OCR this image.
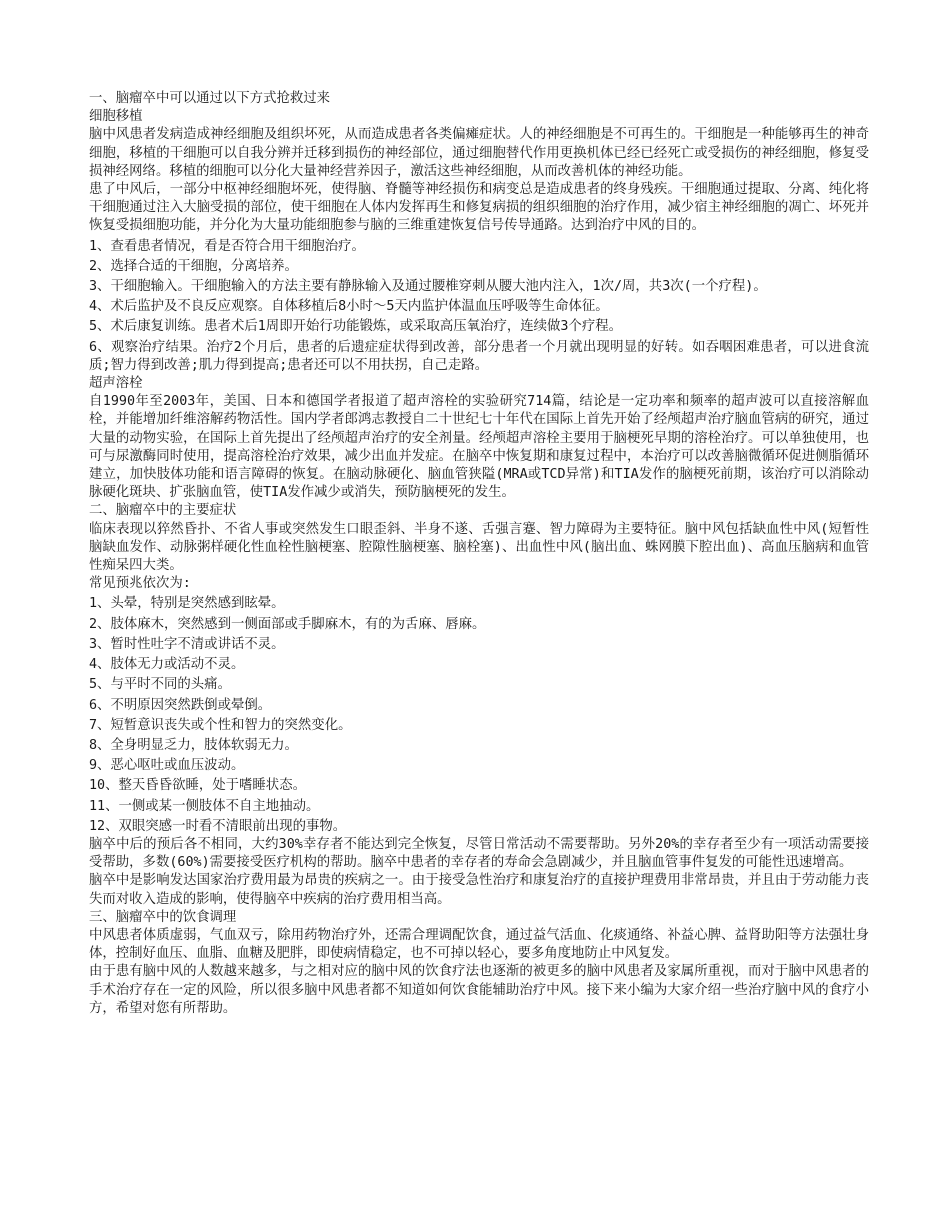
一、脑瘤卒中可以通过以下方式抢救过来

细胞移植

脑中风患者发病造成神经细胞及组织坏死，从而造成患者各类偏瘫症状。人的神经细胞是不可再生的。干细胞是一种能够再生的神奇细胞，移植的干细胞可以自我分辨并迁移到损伤的神经部位，通过细胞替代作用更换机体已经已经死亡或受损伤的神经细胞，修复受损神经网络。移植的细胞可以分化大量神经营养因子，激活这些神经细胞，从而改善机体的神经功能。

患了中风后，一部分中枢神经细胞坏死，使得脑、脊髓等神经损伤和病变总是造成患者的终身残疾。干细胞通过提取、分离、纯化将干细胞通过注入大脑受损的部位，使干细胞在人体内发挥再生和修复病损的组织细胞的治疗作用，减少宿主神经细胞的凋亡、坏死并恢复受损细胞功能，并分化为大量功能细胞参与脑的三维重建恢复信号传导通路。达到治疗中风的目的。

1、查看患者情况，看是否符合用干细胞治疗。

2、选择合适的干细胞，分离培养。

3、干细胞输入。干细胞输入的方法主要有静脉输入及通过腰椎穿刺从腰大池内注入，1次/周，共3次(一个疗程)。

4、术后监护及不良反应观察。自体移植后8小时～5天内监护体温血压呼吸等生命体征。

5、术后康复训练。患者术后1周即开始行功能锻炼，或采取高压氧治疗，连续做3个疗程。

6、观察治疗结果。治疗2个月后，患者的后遗症症状得到改善，部分患者一个月就出现明显的好转。如吞咽困难患者，可以进食流质;智力得到改善;肌力得到提高;患者还可以不用扶拐，自己走路。

超声溶栓

自1990年至2003年，美国、日本和德国学者报道了超声溶栓的实验研究714篇，结论是一定功率和频率的超声波可以直接溶解血栓，并能增加纤维溶解药物活性。国内学者郎鸿志教授自二十世纪七十年代在国际上首先开始了经颅超声治疗脑血管病的研究，通过大量的动物实验，在国际上首先提出了经颅超声治疗的安全剂量。经颅超声溶栓主要用于脑梗死早期的溶栓治疗。可以单独使用，也可与尿激酶同时使用，提高溶栓治疗效果，减少出血并发症。在脑卒中恢复期和康复过程中，本治疗可以改善脑微循环促进侧脂循环建立，加快肢体功能和语言障碍的恢复。在脑动脉硬化、脑血管狭隘(MRA或TCD异常)和TIA发作的脑梗死前期，该治疗可以消除动脉硬化斑块、扩张脑血管，使TIA发作减少或消失，预防脑梗死的发生。

二、脑瘤卒中的主要症状

临床表现以猝然昏扑、不省人事或突然发生口眼歪斜、半身不遂、舌强言蹇、智力障碍为主要特征。脑中风包括缺血性中风(短暂性脑缺血发作、动脉粥样硬化性血栓性脑梗塞、腔隙性脑梗塞、脑栓塞)、出血性中风(脑出血、蛛网膜下腔出血)、高血压脑病和血管性痴呆四大类。

常见预兆依次为:

1、头晕，特别是突然感到眩晕。

2、肢体麻木，突然感到一侧面部或手脚麻木，有的为舌麻、唇麻。

3、暂时性吐字不清或讲话不灵。

4、肢体无力或活动不灵。

5、与平时不同的头痛。

6、不明原因突然跌倒或晕倒。

7、短暂意识丧失或个性和智力的突然变化。

8、全身明显乏力，肢体软弱无力。

9、恶心呕吐或血压波动。

10、整天昏昏欲睡，处于嗜睡状态。

11、一侧或某一侧肢体不自主地抽动。

12、双眼突感一时看不清眼前出现的事物。

脑卒中后的预后各不相同，大约30%幸存者不能达到完全恢复，尽管日常活动不需要帮助。另外20%的幸存者至少有一项活动需要接受帮助，多数(60%)需要接受医疗机构的帮助。脑卒中患者的幸存者的寿命会急剧减少，并且脑血管事件复发的可能性迅速增高。

脑卒中是影响发达国家治疗费用最为昂贵的疾病之一。由于接受急性治疗和康复治疗的直接护理费用非常昂贵，并且由于劳动能力丧失而对收入造成的影响，使得脑卒中疾病的治疗费用相当高。

三、脑瘤卒中的饮食调理

中风患者体质虚弱，气血双亏，除用药物治疗外，还需合理调配饮食，通过益气活血、化痰通络、补益心脾、益肾助阳等方法强壮身体，控制好血压、血脂、血糖及肥胖，即使病情稳定，也不可掉以轻心，要多角度地防止中风复发。

由于患有脑中风的人数越来越多，与之相对应的脑中风的饮食疗法也逐渐的被更多的脑中风患者及家属所重视，而对于脑中风患者的手术治疗存在一定的风险，所以很多脑中风患者都不知道如何饮食能辅助治疗中风。接下来小编为大家介绍一些治疗脑中风的食疗小方，希望对您有所帮助。
